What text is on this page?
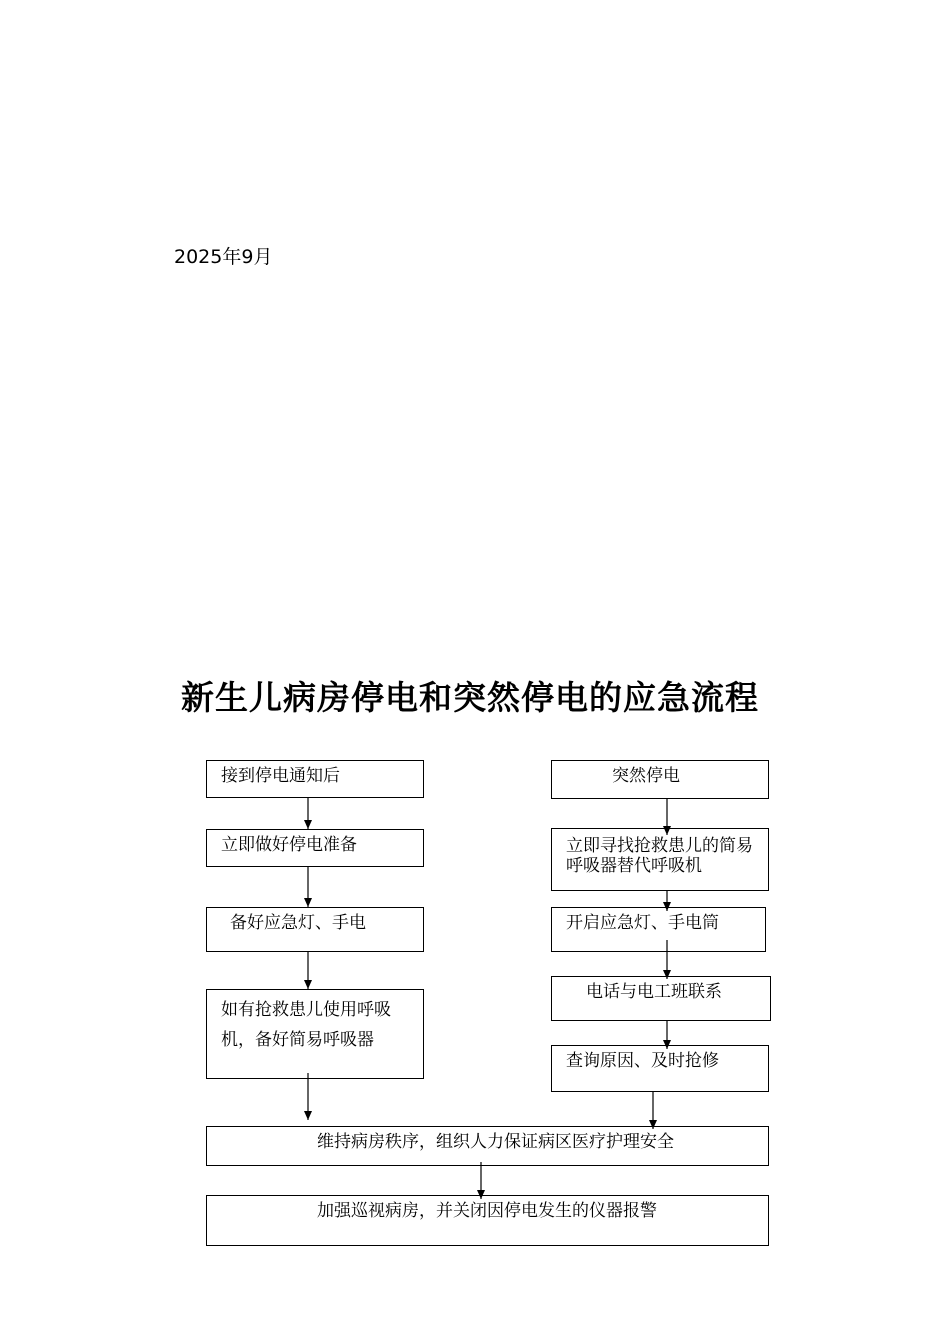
2025年9月
新生儿病房停电和突然停电的应急流程
接到停电通知后
立即做好停电准备
备好应急灯、手电
如有抢救患儿使用呼吸机，备好简易呼吸器
突然停电
立即寻找抢救患儿的简易呼吸器替代呼吸机
开启应急灯、手电筒
电话与电工班联系
查询原因、及时抢修
维持病房秩序，组织人力保证病区医疗护理安全
加强巡视病房，并关闭因停电发生的仪器报警
